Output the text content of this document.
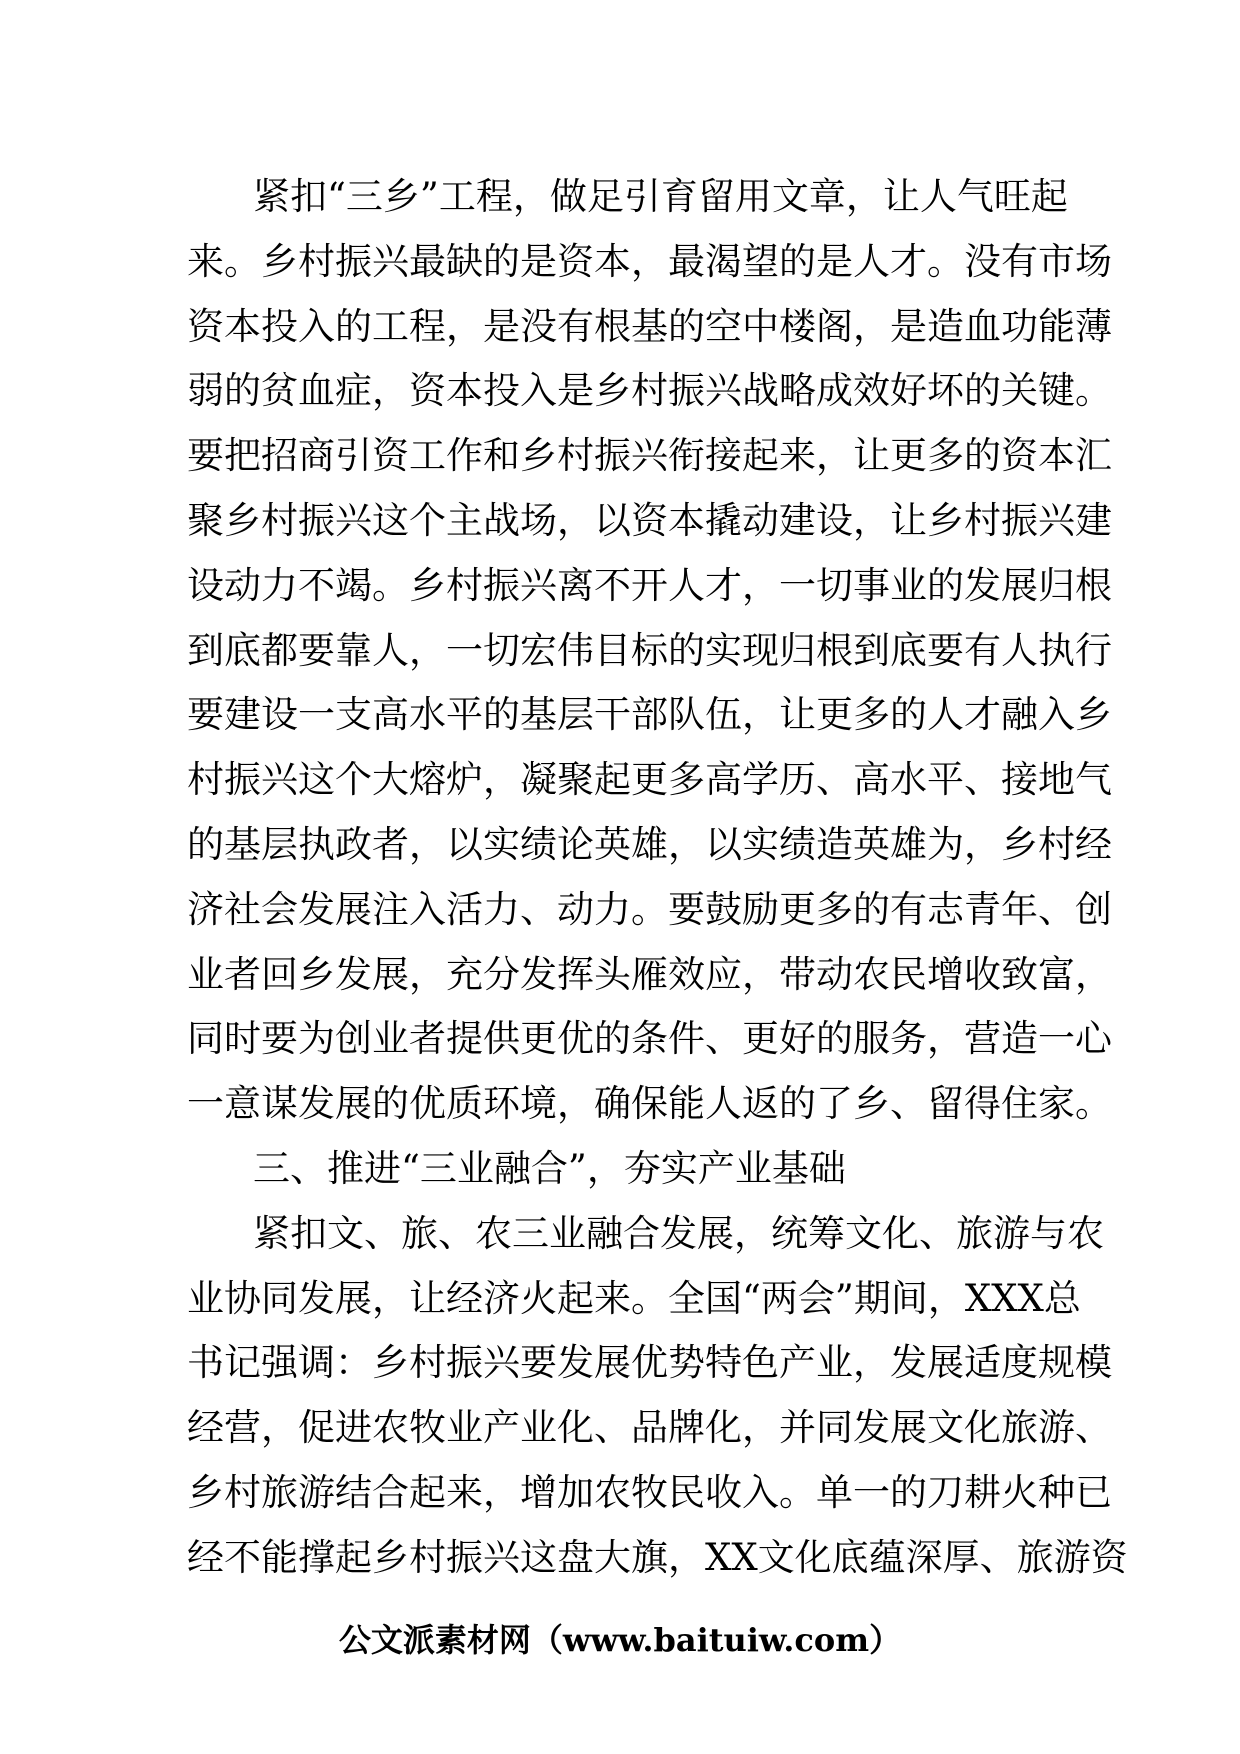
紧扣“三乡”工程，做足引育留用文章，让人气旺起
来。乡村振兴最缺的是资本，最渴望的是人才。没有市场
资本投入的工程，是没有根基的空中楼阁，是造血功能薄
弱的贫血症，资本投入是乡村振兴战略成效好坏的关键。
要把招商引资工作和乡村振兴衔接起来，让更多的资本汇
聚乡村振兴这个主战场，以资本撬动建设，让乡村振兴建
设动力不竭。乡村振兴离不开人才，一切事业的发展归根
到底都要靠人，一切宏伟目标的实现归根到底要有人执行
要建设一支高水平的基层干部队伍，让更多的人才融入乡
村振兴这个大熔炉，凝聚起更多高学历、高水平、接地气
的基层执政者，以实绩论英雄，以实绩造英雄为，乡村经
济社会发展注入活力、动力。要鼓励更多的有志青年、创
业者回乡发展，充分发挥头雁效应，带动农民增收致富，
同时要为创业者提供更优的条件、更好的服务，营造一心
一意谋发展的优质环境，确保能人返的了乡、留得住家。
三、推进“三业融合”，夯实产业基础
紧扣文、旅、农三业融合发展，统筹文化、旅游与农
业协同发展，让经济火起来。全国“两会”期间，XXX总
书记强调：乡村振兴要发展优势特色产业，发展适度规模
经营，促进农牧业产业化、品牌化，并同发展文化旅游、
乡村旅游结合起来，增加农牧民收入。单一的刀耕火种已
经不能撑起乡村振兴这盘大旗，XX文化底蕴深厚、旅游资
公文派素材网（www.baituiw.com）
